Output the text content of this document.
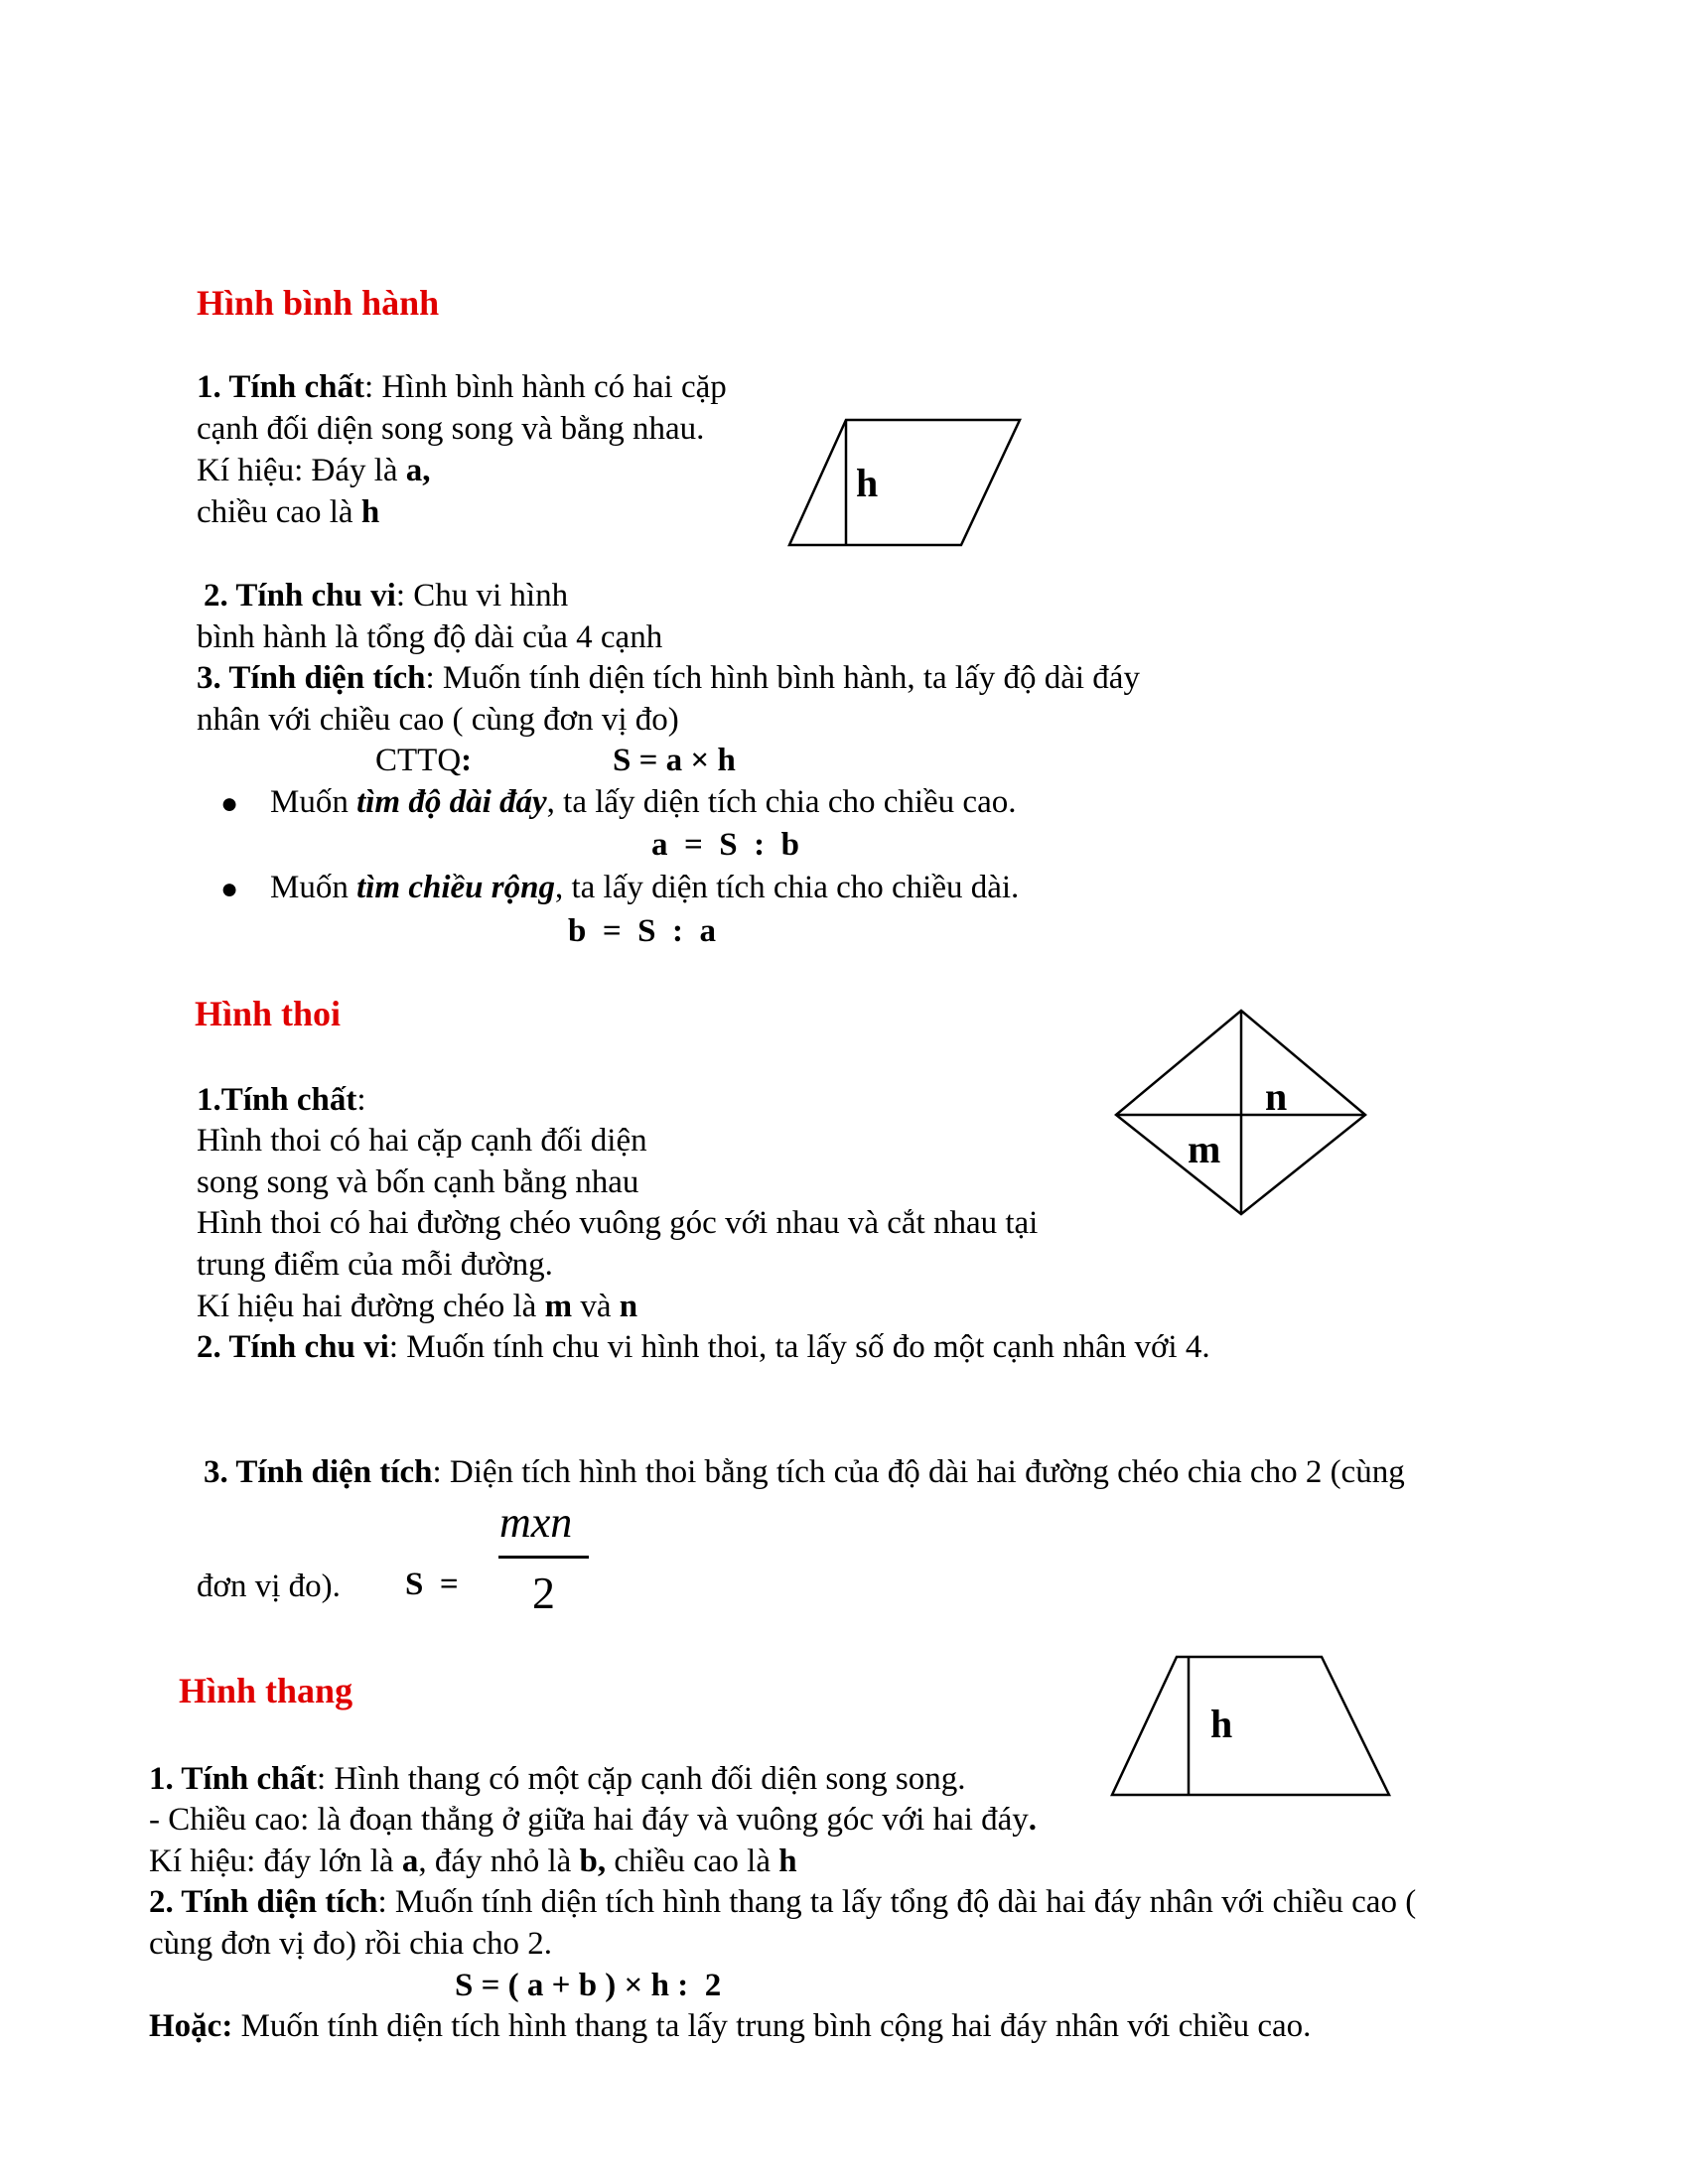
Hình bình hành
1. Tính chất: Hình bình hành có hai cặp
cạnh đối diện song song và bằng nhau.
Kí hiệu: Đáy là a,
chiều cao là h
h
2. Tính chu vi: Chu vi hình
bình hành là tổng độ dài của 4 cạnh
3. Tính diện tích: Muốn tính diện tích hình bình hành, ta lấy độ dài đáy
nhân với chiều cao ( cùng đơn vị đo)
CTTQ:	S = a × h
● Muốn tìm độ dài đáy, ta lấy diện tích chia cho chiều cao.
a  =  S  :  b
● Muốn tìm chiều rộng, ta lấy diện tích chia cho chiều dài.
b  =  S  :  a
Hình thoi
n
m
1.Tính chất:
Hình thoi có hai cặp cạnh đối diện
song song và bốn cạnh bằng nhau
Hình thoi có hai đường chéo vuông góc với nhau và cắt nhau tại
trung điểm của mỗi đường.
Kí hiệu hai đường chéo là m và n
2. Tính chu vi: Muốn tính chu vi hình thoi, ta lấy số đo một cạnh nhân với 4.
3. Tính diện tích: Diện tích hình thoi bằng tích của độ dài hai đường chéo chia cho 2 (cùng
đơn vị đo). S  =
mxn
2
Hình thang
h
1. Tính chất: Hình thang có một cặp cạnh đối diện song song.
- Chiều cao: là đoạn thẳng ở giữa hai đáy và vuông góc với hai đáy.
Kí hiệu: đáy lớn là a, đáy nhỏ là b, chiều cao là h
2. Tính diện tích: Muốn tính diện tích hình thang ta lấy tổng độ dài hai đáy nhân với chiều cao (
cùng đơn vị đo) rồi chia cho 2.
S = ( a + b ) × h :  2
Hoặc: Muốn tính diện tích hình thang ta lấy trung bình cộng hai đáy nhân với chiều cao.
